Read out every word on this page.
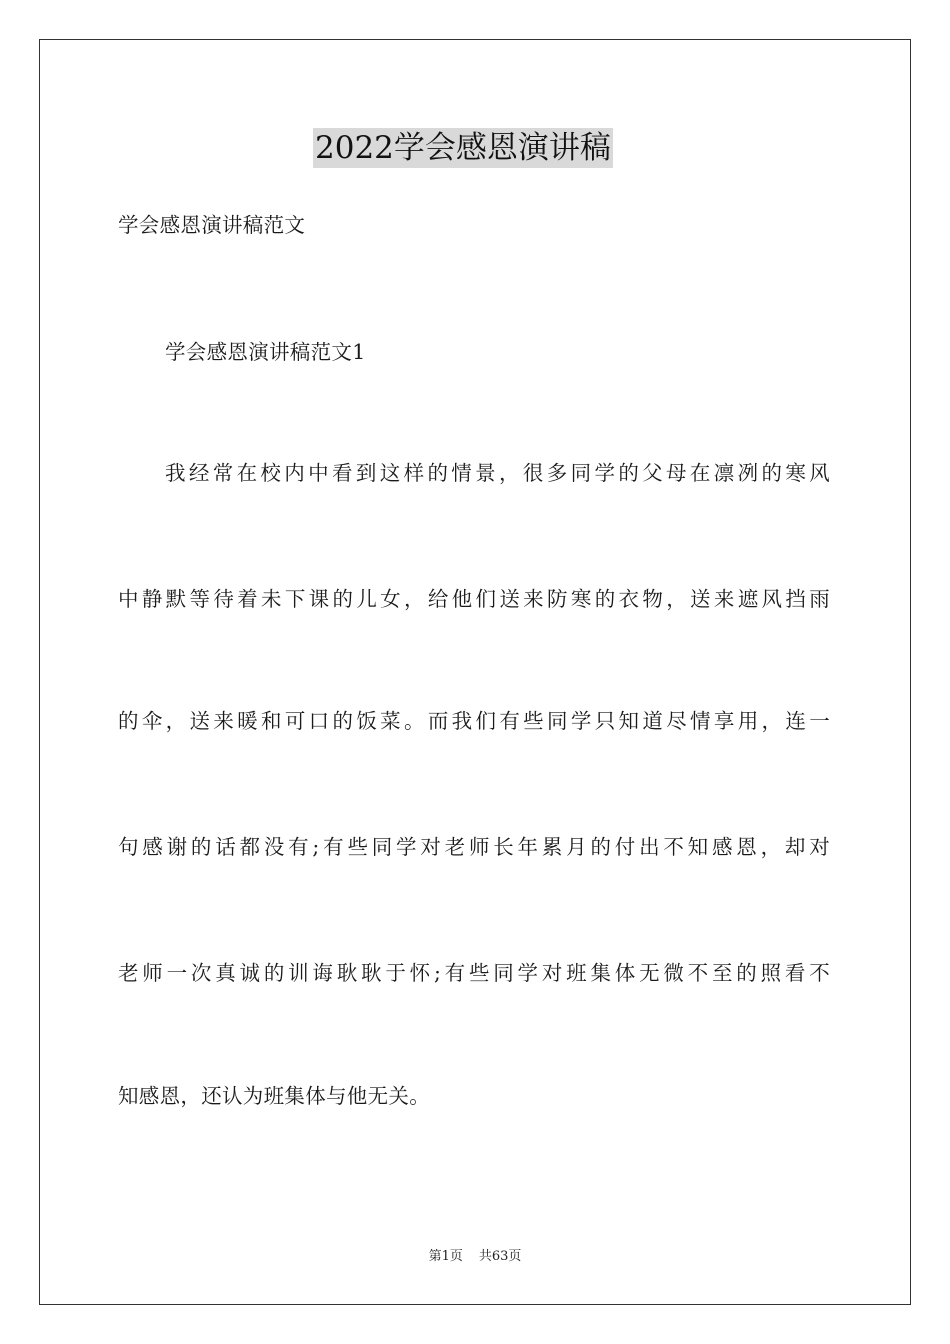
2022学会感恩演讲稿
学会感恩演讲稿范文
学会感恩演讲稿范文1
我经常在校内中看到这样的情景，很多同学的父母在凛冽的寒风
中静默等待着未下课的儿女，给他们送来防寒的衣物，送来遮风挡雨
的伞，送来暖和可口的饭菜。而我们有些同学只知道尽情享用，连一
句感谢的话都没有;有些同学对老师长年累月的付出不知感恩，却对
老师一次真诚的训诲耿耿于怀;有些同学对班集体无微不至的照看不
知感恩，还认为班集体与他无关。
第1页 共63页
